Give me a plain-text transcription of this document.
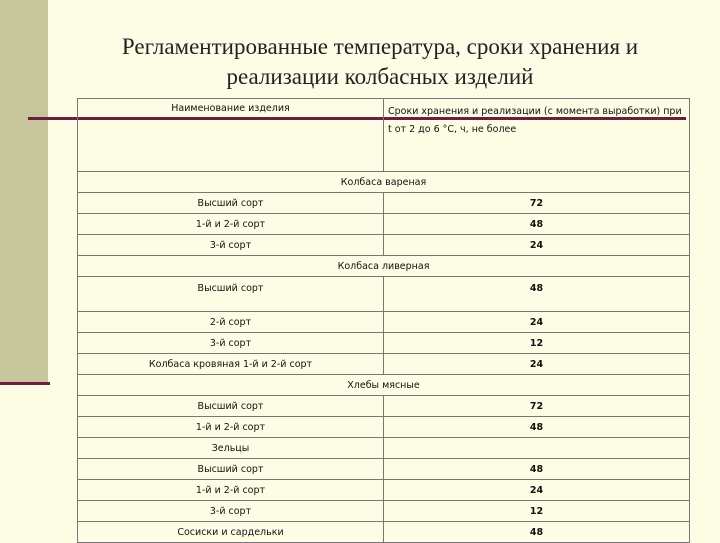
Регламентированные температура, сроки хранения и
реализации колбасных изделий
Наименование изделия	Сроки хранения и реализации (с момента выработки) при t от 2 до 6 °С, ч, не более
Колбаса вареная	
Высший сорт	72
1-й и 2-й сорт	48
3-й сорт	24
Колбаса ливерная	
Высший сорт	48
2-й сорт	24
3-й сорт	12
Колбаса кровяная 1-й и 2-й сорт	24
Хлебы мясные	
Высший сорт	72
1-й и 2-й сорт	48
Зельцы	
Высший сорт	48
1-й и 2-й сорт	24
3-й сорт	12
Сосиски и сардельки	48
